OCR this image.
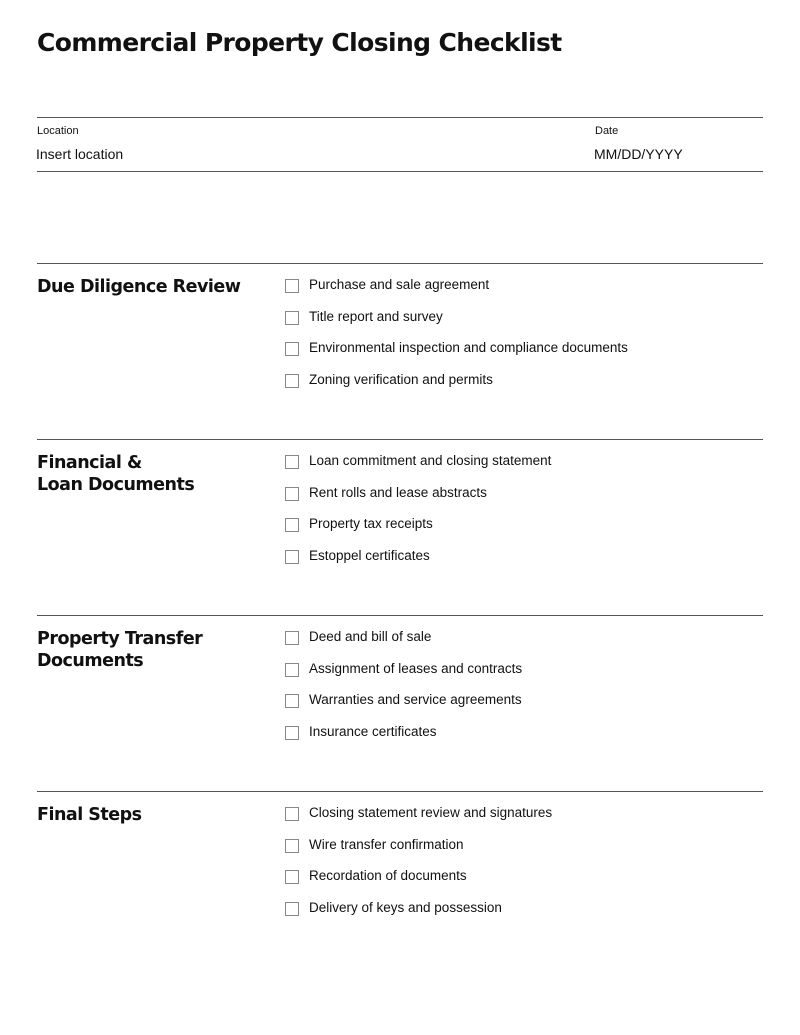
Commercial Property Closing Checklist
Location
Insert location
Date
MM/DD/YYYY
Due Diligence Review	Purchase and sale agreement
Title report and survey
Environmental inspection and compliance documents
Zoning verification and permits
Financial &
Loan Documents
Loan commitment and closing statement
Rent rolls and lease abstracts
Property tax receipts
Estoppel certificates
Property Transfer
Documents
Deed and bill of sale
Assignment of leases and contracts
Warranties and service agreements
Insurance certificates
Final Steps	Closing statement review and signatures
Wire transfer confirmation
Recordation of documents
Delivery of keys and possession
